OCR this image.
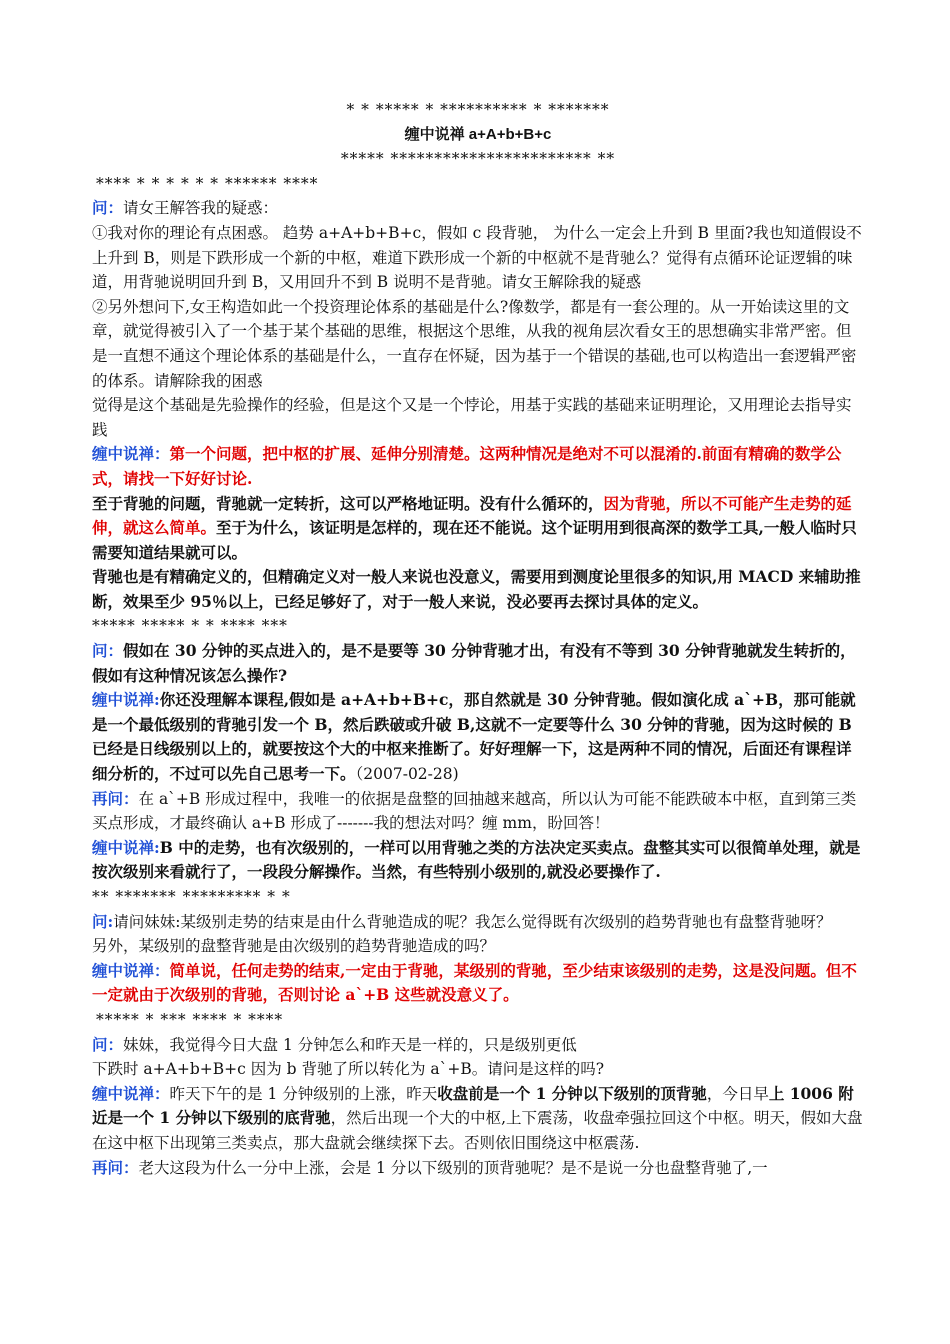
* * ***** * ********** * *******
缠中说禅 a+A+b+B+c
***** *********************** **
**** * * * * * * ****** ****

问：请女王解答我的疑惑：

①我对你的理论有点困惑。 趋势 a+A+b+B+c，假如 c 段背驰， 为什么一定会上升到 B 里面?我也知道假设不上升到 B，则是下跌形成一个新的中枢，难道下跌形成一个新的中枢就不是背驰么？觉得有点循环论证逻辑的味道，用背驰说明回升到 B，又用回升不到 B 说明不是背驰。请女王解除我的疑惑

②另外想问下,女王构造如此一个投资理论体系的基础是什么?像数学，都是有一套公理的。从一开始读这里的文章，就觉得被引入了一个基于某个基础的思维，根据这个思维，从我的视角层次看女王的思想确实非常严密。但是一直想不通这个理论体系的基础是什么，一直存在怀疑，因为基于一个错误的基础,也可以构造出一套逻辑严密的体系。请解除我的困惑

觉得是这个基础是先验操作的经验，但是这个又是一个悖论，用基于实践的基础来证明理论，又用理论去指导实践

缠中说禅：第一个问题，把中枢的扩展、延伸分别清楚。这两种情况是绝对不可以混淆的.前面有精确的数学公式，请找一下好好讨论.

至于背驰的问题，背驰就一定转折，这可以严格地证明。没有什么循环的，因为背驰，所以不可能产生走势的延伸，就这么简单。至于为什么，该证明是怎样的，现在还不能说。这个证明用到很高深的数学工具,一般人临时只需要知道结果就可以。

背驰也是有精确定义的，但精确定义对一般人来说也没意义，需要用到测度论里很多的知识,用 MACD 来辅助推断，效果至少 95％以上，已经足够好了，对于一般人来说，没必要再去探讨具体的定义。

***** ***** * * **** ***

问：假如在 30 分钟的买点进入的，是不是要等 30 分钟背驰才出，有没有不等到 30 分钟背驰就发生转折的，假如有这种情况该怎么操作?

缠中说禅:你还没理解本课程,假如是 a+A+b+B+c，那自然就是 30 分钟背驰。假如演化成 a`+B，那可能就是一个最低级别的背驰引发一个 B，然后跌破或升破 B,这就不一定要等什么 30 分钟的背驰，因为这时候的 B 已经是日线级别以上的，就要按这个大的中枢来推断了。好好理解一下，这是两种不同的情况，后面还有课程详细分析的，不过可以先自己思考一下。（2007-02-28)

再问：在 a`+B 形成过程中，我唯一的依据是盘整的回抽越来越高，所以认为可能不能跌破本中枢，直到第三类买点形成，才最终确认 a+B 形成了-------我的想法对吗？缠 mm，盼回答！

缠中说禅:B 中的走势，也有次级别的，一样可以用背驰之类的方法决定买卖点。盘整其实可以很简单处理，就是按次级别来看就行了，一段段分解操作。当然，有些特别小级别的,就没必要操作了.

** ******* ********* * *

问:请问妹妹:某级别走势的结束是由什么背驰造成的呢？我怎么觉得既有次级别的趋势背驰也有盘整背驰呀？

另外，某级别的盘整背驰是由次级别的趋势背驰造成的吗？

缠中说禅：简单说，任何走势的结束,一定由于背驰，某级别的背驰，至少结束该级别的走势，这是没问题。但不一定就由于次级别的背驰，否则讨论 a`+B 这些就没意义了。

***** * *** **** * ****

问：妹妹，我觉得今日大盘 1 分钟怎么和昨天是一样的，只是级别更低

下跌时 a+A+b+B+c 因为 b 背驰了所以转化为 a`+B。请问是这样的吗?

缠中说禅：昨天下午的是 1 分钟级别的上涨，昨天收盘前是一个 1 分钟以下级别的顶背驰，今日早上 1006 附近是一个 1 分钟以下级别的底背驰，然后出现一个大的中枢,上下震荡，收盘牵强拉回这个中枢。明天，假如大盘在这中枢下出现第三类卖点，那大盘就会继续探下去。否则依旧围绕这中枢震荡.

再问：老大这段为什么一分中上涨，会是 1 分以下级别的顶背驰呢？是不是说一分也盘整背驰了,一
